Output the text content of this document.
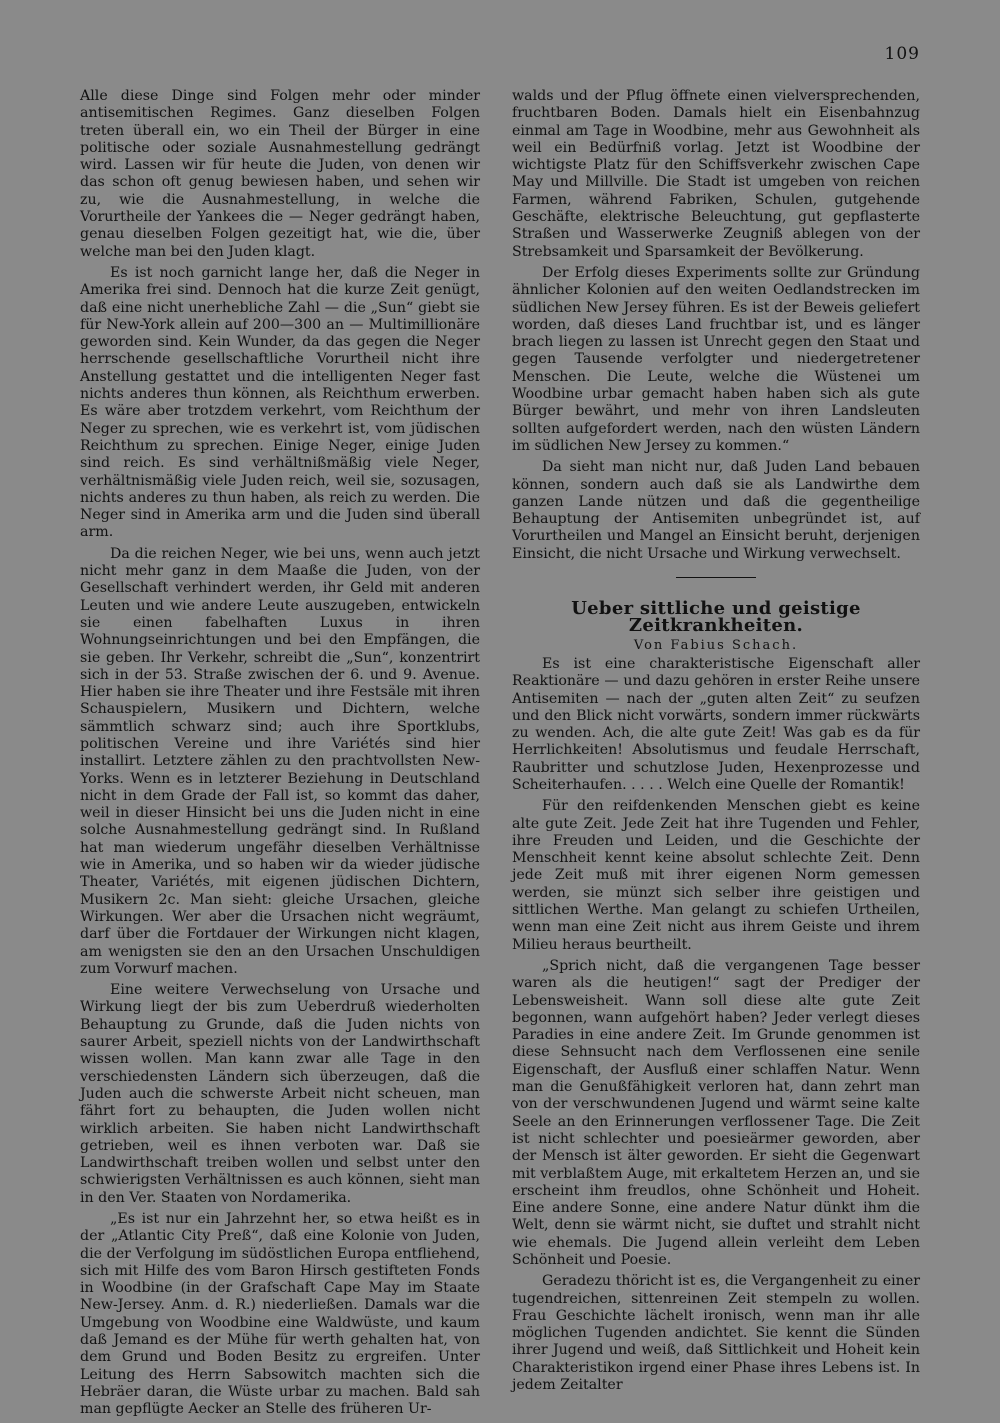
109

Alle diese Dinge sind Folgen mehr oder minder antisemitischen Regimes. Ganz dieselben Folgen treten überall ein, wo ein Theil der Bürger in eine politische oder soziale Ausnahmestellung gedrängt wird. Lassen wir für heute die Juden, von denen wir das schon oft genug bewiesen haben, und sehen wir zu, wie die Ausnahmestellung, in welche die Vorurtheile der Yankees die — Neger gedrängt haben, genau dieselben Folgen gezeitigt hat, wie die, über welche man bei den Juden klagt.

Es ist noch garnicht lange her, daß die Neger in Amerika frei sind. Dennoch hat die kurze Zeit genügt, daß eine nicht unerhebliche Zahl — die „Sun“ giebt sie für New-York allein auf 200—300 an — Multimillionäre geworden sind. Kein Wunder, da das gegen die Neger herrschende gesellschaftliche Vorurtheil nicht ihre Anstellung gestattet und die intelligenten Neger fast nichts anderes thun können, als Reichthum erwerben. Es wäre aber trotzdem verkehrt, vom Reichthum der Neger zu sprechen, wie es verkehrt ist, vom jüdischen Reichthum zu sprechen. Einige Neger, einige Juden sind reich. Es sind verhältnißmäßig viele Neger, verhältnismäßig viele Juden reich, weil sie, sozusagen, nichts anderes zu thun haben, als reich zu werden. Die Neger sind in Amerika arm und die Juden sind überall arm.

Da die reichen Neger, wie bei uns, wenn auch jetzt nicht mehr ganz in dem Maaße die Juden, von der Gesellschaft verhindert werden, ihr Geld mit anderen Leuten und wie andere Leute auszugeben, entwickeln sie einen fabelhaften Luxus in ihren Wohnungseinrichtungen und bei den Empfängen, die sie geben. Ihr Verkehr, schreibt die „Sun“, konzentrirt sich in der 53. Straße zwischen der 6. und 9. Avenue. Hier haben sie ihre Theater und ihre Festsäle mit ihren Schauspielern, Musikern und Dichtern, welche sämmtlich schwarz sind; auch ihre Sportklubs, politischen Vereine und ihre Variétés sind hier installirt. Letztere zählen zu den prachtvollsten New-Yorks. Wenn es in letzterer Beziehung in Deutschland nicht in dem Grade der Fall ist, so kommt das daher, weil in dieser Hinsicht bei uns die Juden nicht in eine solche Ausnahmestellung gedrängt sind. In Rußland hat man wiederum ungefähr dieselben Verhältnisse wie in Amerika, und so haben wir da wieder jüdische Theater, Variétés, mit eigenen jüdischen Dichtern, Musikern 2c. Man sieht: gleiche Ursachen, gleiche Wirkungen. Wer aber die Ursachen nicht wegräumt, darf über die Fortdauer der Wirkungen nicht klagen, am wenigsten sie den an den Ursachen Unschuldigen zum Vorwurf machen.

Eine weitere Verwechselung von Ursache und Wirkung liegt der bis zum Ueberdruß wiederholten Behauptung zu Grunde, daß die Juden nichts von saurer Arbeit, speziell nichts von der Landwirthschaft wissen wollen. Man kann zwar alle Tage in den verschiedensten Ländern sich überzeugen, daß die Juden auch die schwerste Arbeit nicht scheuen, man fährt fort zu behaupten, die Juden wollen nicht wirklich arbeiten. Sie haben nicht Landwirthschaft getrieben, weil es ihnen verboten war. Daß sie Landwirthschaft treiben wollen und selbst unter den schwierigsten Verhältnissen es auch können, sieht man in den Ver. Staaten von Nordamerika.

„Es ist nur ein Jahrzehnt her, so etwa heißt es in der „Atlantic City Preß“, daß eine Kolonie von Juden, die der Verfolgung im südöstlichen Europa entfliehend, sich mit Hilfe des vom Baron Hirsch gestifteten Fonds in Woodbine (in der Grafschaft Cape May im Staate New-Jersey. Anm. d. R.) niederließen. Damals war die Umgebung von Woodbine eine Waldwüste, und kaum daß Jemand es der Mühe für werth gehalten hat, von dem Grund und Boden Besitz zu ergreifen. Unter Leitung des Herrn Sabsowitch machten sich die Hebräer daran, die Wüste urbar zu machen. Bald sah man gepflügte Aecker an Stelle des früheren Ur-

walds und der Pflug öffnete einen vielversprechenden, fruchtbaren Boden. Damals hielt ein Eisenbahnzug einmal am Tage in Woodbine, mehr aus Gewohnheit als weil ein Bedürfniß vorlag. Jetzt ist Woodbine der wichtigste Platz für den Schiffsverkehr zwischen Cape May und Millville. Die Stadt ist umgeben von reichen Farmen, während Fabriken, Schulen, gutgehende Geschäfte, elektrische Beleuchtung, gut gepflasterte Straßen und Wasserwerke Zeugniß ablegen von der Strebsamkeit und Sparsamkeit der Bevölkerung.

Der Erfolg dieses Experiments sollte zur Gründung ähnlicher Kolonien auf den weiten Oedlandstrecken im südlichen New Jersey führen. Es ist der Beweis geliefert worden, daß dieses Land fruchtbar ist, und es länger brach liegen zu lassen ist Unrecht gegen den Staat und gegen Tausende verfolgter und niedergetretener Menschen. Die Leute, welche die Wüstenei um Woodbine urbar gemacht haben haben sich als gute Bürger bewährt, und mehr von ihren Landsleuten sollten aufgefordert werden, nach den wüsten Ländern im südlichen New Jersey zu kommen.“

Da sieht man nicht nur, daß Juden Land bebauen können, sondern auch daß sie als Landwirthe dem ganzen Lande nützen und daß die gegentheilige Behauptung der Antisemiten unbegründet ist, auf Vorurtheilen und Mangel an Einsicht beruht, derjenigen Einsicht, die nicht Ursache und Wirkung verwechselt.

Ueber sittliche und geistige Zeitkrankheiten.
Von Fabius Schach.

Es ist eine charakteristische Eigenschaft aller Reaktionäre — und dazu gehören in erster Reihe unsere Antisemiten — nach der „guten alten Zeit“ zu seufzen und den Blick nicht vorwärts, sondern immer rückwärts zu wenden. Ach, die alte gute Zeit! Was gab es da für Herrlichkeiten! Absolutismus und feudale Herrschaft, Raubritter und schutzlose Juden, Hexenprozesse und Scheiterhaufen. . . . . Welch eine Quelle der Romantik!

Für den reifdenkenden Menschen giebt es keine alte gute Zeit. Jede Zeit hat ihre Tugenden und Fehler, ihre Freuden und Leiden, und die Geschichte der Menschheit kennt keine absolut schlechte Zeit. Denn jede Zeit muß mit ihrer eigenen Norm gemessen werden, sie münzt sich selber ihre geistigen und sittlichen Werthe. Man gelangt zu schiefen Urtheilen, wenn man eine Zeit nicht aus ihrem Geiste und ihrem Milieu heraus beurtheilt.

„Sprich nicht, daß die vergangenen Tage besser waren als die heutigen!“ sagt der Prediger der Lebensweisheit. Wann soll diese alte gute Zeit begonnen, wann aufgehört haben? Jeder verlegt dieses Paradies in eine andere Zeit. Im Grunde genommen ist diese Sehnsucht nach dem Verflossenen eine senile Eigenschaft, der Ausfluß einer schlaffen Natur. Wenn man die Genußfähigkeit verloren hat, dann zehrt man von der verschwundenen Jugend und wärmt seine kalte Seele an den Erinnerungen verflossener Tage. Die Zeit ist nicht schlechter und poesieärmer geworden, aber der Mensch ist älter geworden. Er sieht die Gegenwart mit verblaßtem Auge, mit erkaltetem Herzen an, und sie erscheint ihm freudlos, ohne Schönheit und Hoheit. Eine andere Sonne, eine andere Natur dünkt ihm die Welt, denn sie wärmt nicht, sie duftet und strahlt nicht wie ehemals. Die Jugend allein verleiht dem Leben Schönheit und Poesie.

Geradezu thöricht ist es, die Vergangenheit zu einer tugendreichen, sittenreinen Zeit stempeln zu wollen. Frau Geschichte lächelt ironisch, wenn man ihr alle möglichen Tugenden andichtet. Sie kennt die Sünden ihrer Jugend und weiß, daß Sittlichkeit und Hoheit kein Charakteristikon irgend einer Phase ihres Lebens ist. In jedem Zeitalter
